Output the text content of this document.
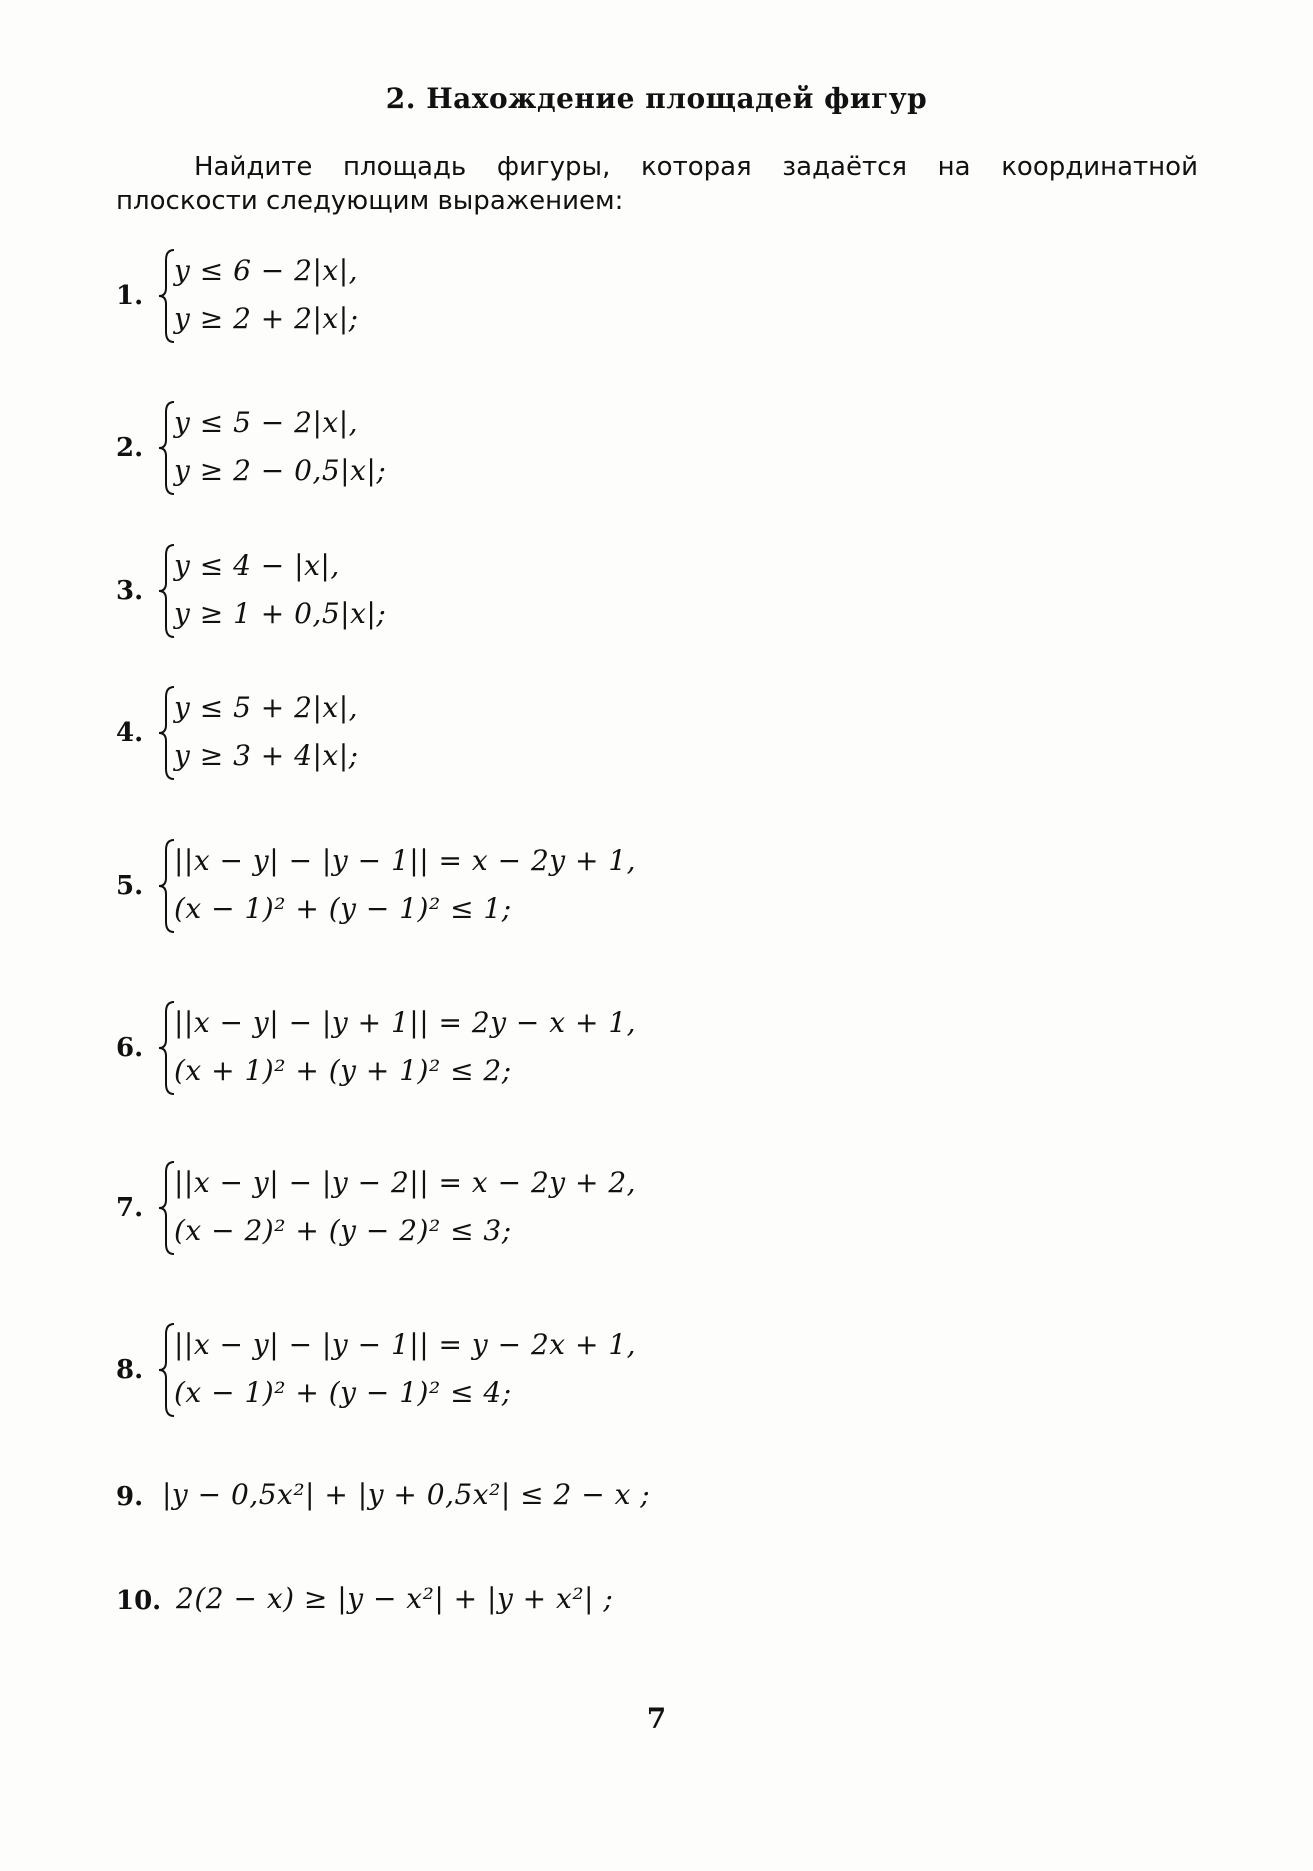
2. Нахождение площадей фигур
Найдите площадь фигуры, которая задаётся на координатной
плоскости следующим выражением:
1.
y ≤ 6 − 2|x|,
y ≥ 2 + 2|x|;
2.
y ≤ 5 − 2|x|,
y ≥ 2 − 0,5|x|;
3.
y ≤ 4 − |x|,
y ≥ 1 + 0,5|x|;
4.
y ≤ 5 + 2|x|,
y ≥ 3 + 4|x|;
5.
||x − y| − |y − 1|| = x − 2y + 1,
(x − 1)² + (y − 1)² ≤ 1;
6.
||x − y| − |y + 1|| = 2y − x + 1,
(x + 1)² + (y + 1)² ≤ 2;
7.
||x − y| − |y − 2|| = x − 2y + 2,
(x − 2)² + (y − 2)² ≤ 3;
8.
||x − y| − |y − 1|| = y − 2x + 1,
(x − 1)² + (y − 1)² ≤ 4;
9. |y − 0,5x²| + |y + 0,5x²| ≤ 2 − x ;
10. 2(2 − x) ≥ |y − x²| + |y + x²| ;
7
